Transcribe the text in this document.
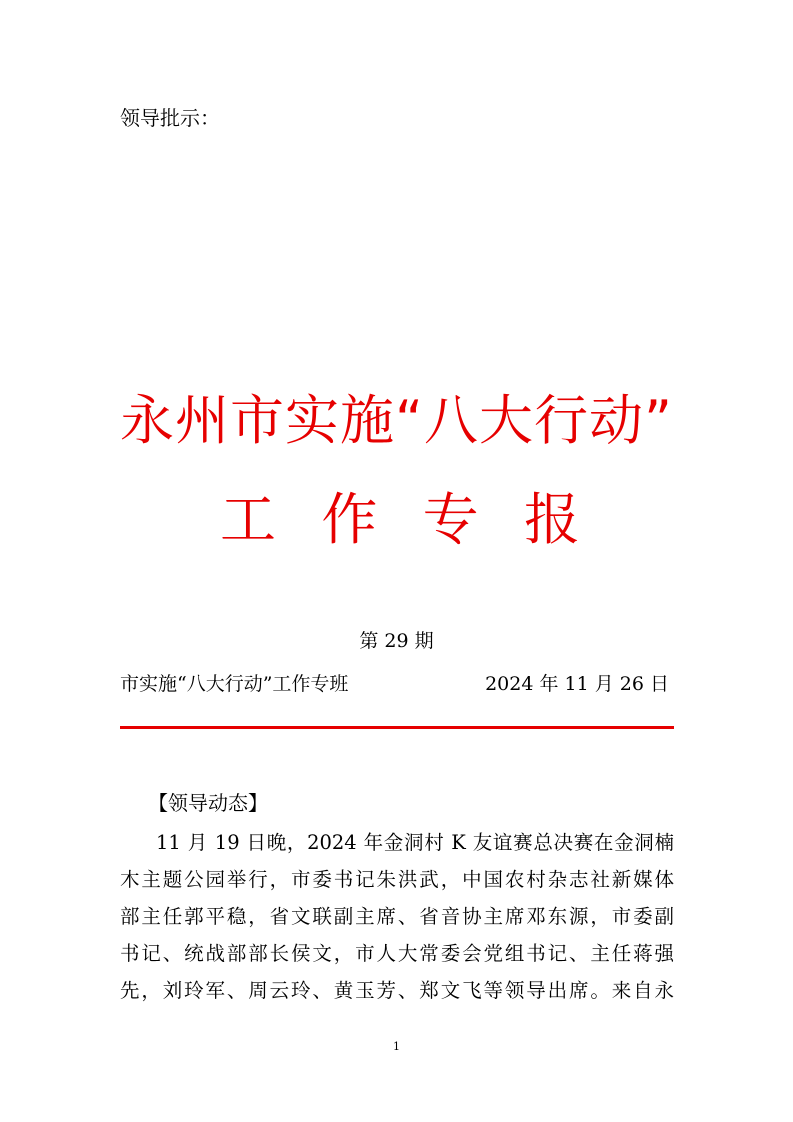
领导批示：
永州市实施“八大行动”
工 作 专 报
第 29 期
市实施“八大行动”工作专班	2024 年 11 月 26 日
【领导动态】
11 月 19 日晚，2024 年金洞村 K 友谊赛总决赛在金洞楠
木主题公园举行，市委书记朱洪武，中国农村杂志社新媒体
部主任郭平稳，省文联副主席、省音协主席邓东源，市委副
书记、统战部部长侯文，市人大常委会党组书记、主任蒋强
先，刘玲军、周云玲、黄玉芳、郑文飞等领导出席。来自永
1
